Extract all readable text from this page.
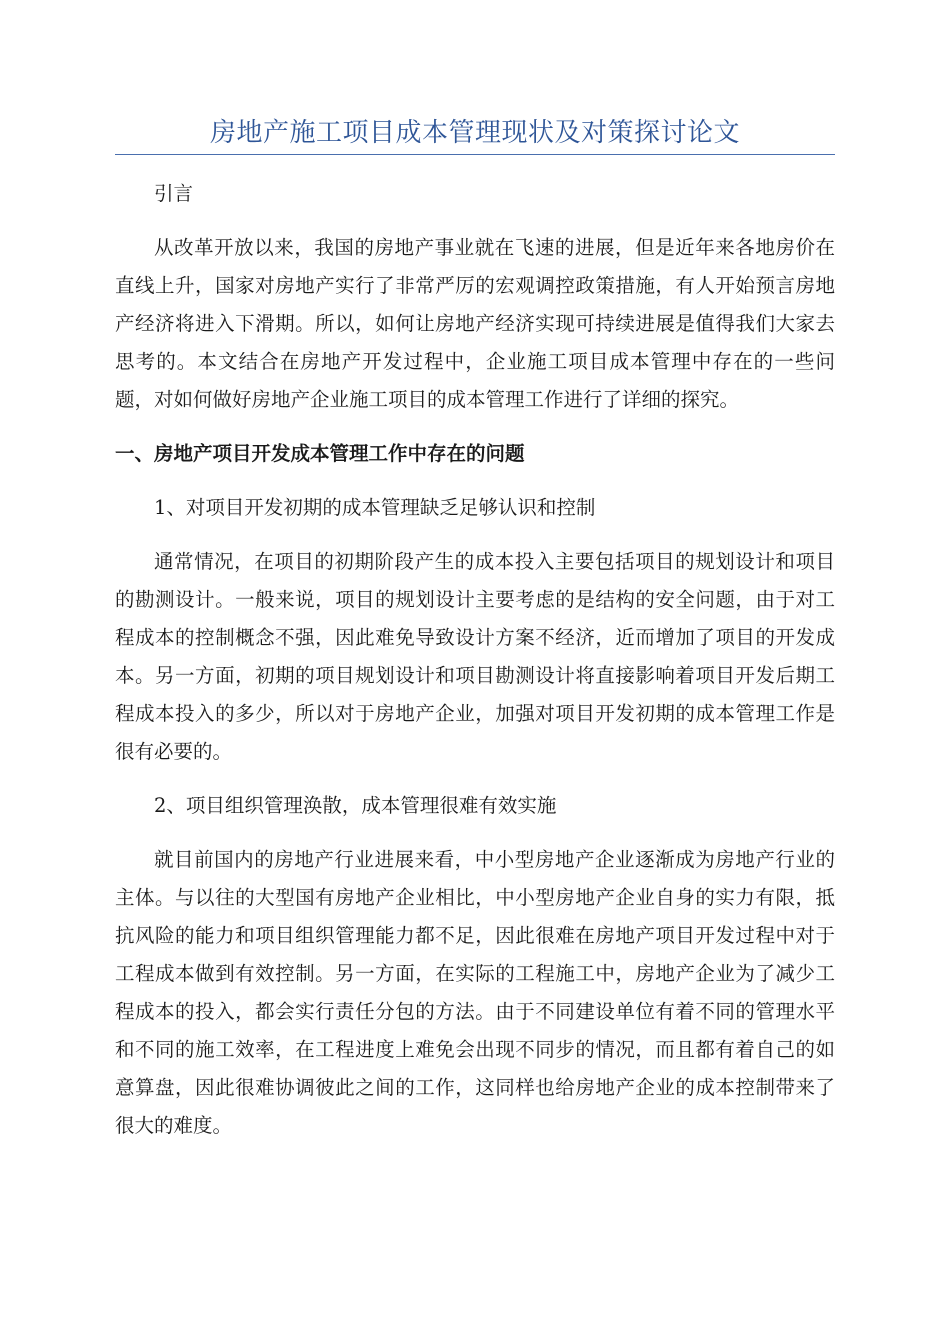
房地产施工项目成本管理现状及对策探讨论文

引言

从改革开放以来，我国的房地产事业就在飞速的进展，但是近年来各地房价在直线上升，国家对房地产实行了非常严厉的宏观调控政策措施，有人开始预言房地产经济将进入下滑期。所以，如何让房地产经济实现可持续进展是值得我们大家去思考的。本文结合在房地产开发过程中，企业施工项目成本管理中存在的一些问题，对如何做好房地产企业施工项目的成本管理工作进行了详细的探究。

一、房地产项目开发成本管理工作中存在的问题

1、对项目开发初期的成本管理缺乏足够认识和控制

通常情况，在项目的初期阶段产生的成本投入主要包括项目的规划设计和项目的勘测设计。一般来说，项目的规划设计主要考虑的是结构的安全问题，由于对工程成本的控制概念不强，因此难免导致设计方案不经济，近而增加了项目的开发成本。另一方面，初期的项目规划设计和项目勘测设计将直接影响着项目开发后期工程成本投入的多少，所以对于房地产企业，加强对项目开发初期的成本管理工作是很有必要的。

2、项目组织管理涣散，成本管理很难有效实施

就目前国内的房地产行业进展来看，中小型房地产企业逐渐成为房地产行业的主体。与以往的大型国有房地产企业相比，中小型房地产企业自身的实力有限，抵抗风险的能力和项目组织管理能力都不足，因此很难在房地产项目开发过程中对于工程成本做到有效控制。另一方面，在实际的工程施工中，房地产企业为了减少工程成本的投入，都会实行责任分包的方法。由于不同建设单位有着不同的管理水平和不同的施工效率，在工程进度上难免会出现不同步的情况，而且都有着自己的如意算盘，因此很难协调彼此之间的工作，这同样也给房地产企业的成本控制带来了很大的难度。
